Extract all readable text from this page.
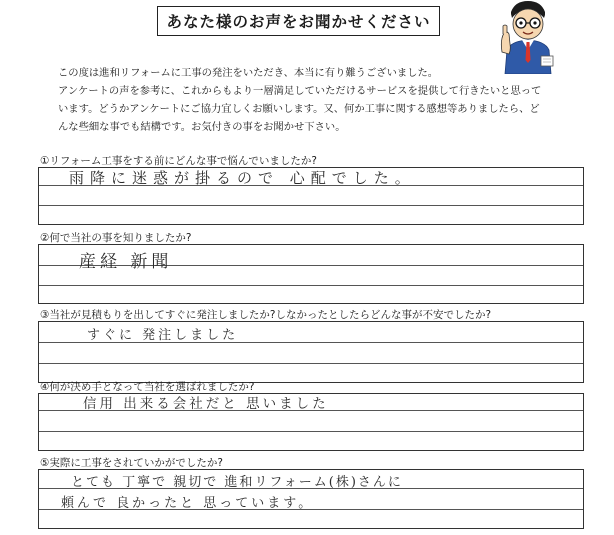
あなた様のお声をお聞かせください
この度は進和リフォームに工事の発注をいただき、本当に有り難うございました。
アンケートの声を参考に、これからもより一層満足していただけるサービスを提供して行きたいと思って
います。どうかアンケートにご協力宜しくお願いします。又、何か工事に関する感想等ありましたら、ど
んな些細な事でも結構です。お気付きの事をお聞かせ下さい。
①リフォーム工事をする前にどんな事で悩んでいましたか?
雨降に迷惑が掛るので 心配でした。
②何で当社の事を知りましたか?
産経 新聞
③当社が見積もりを出してすぐに発注しましたか?しなかったとしたらどんな事が不安でしたか?
すぐに 発注しました
④何が決め手となって当社を選ばれましたか?
信用 出来る会社だと 思いました
⑤実際に工事をされていかがでしたか?
とても 丁寧で 親切で 進和リフォーム(株)さんに
頼んで 良かったと 思っています。
